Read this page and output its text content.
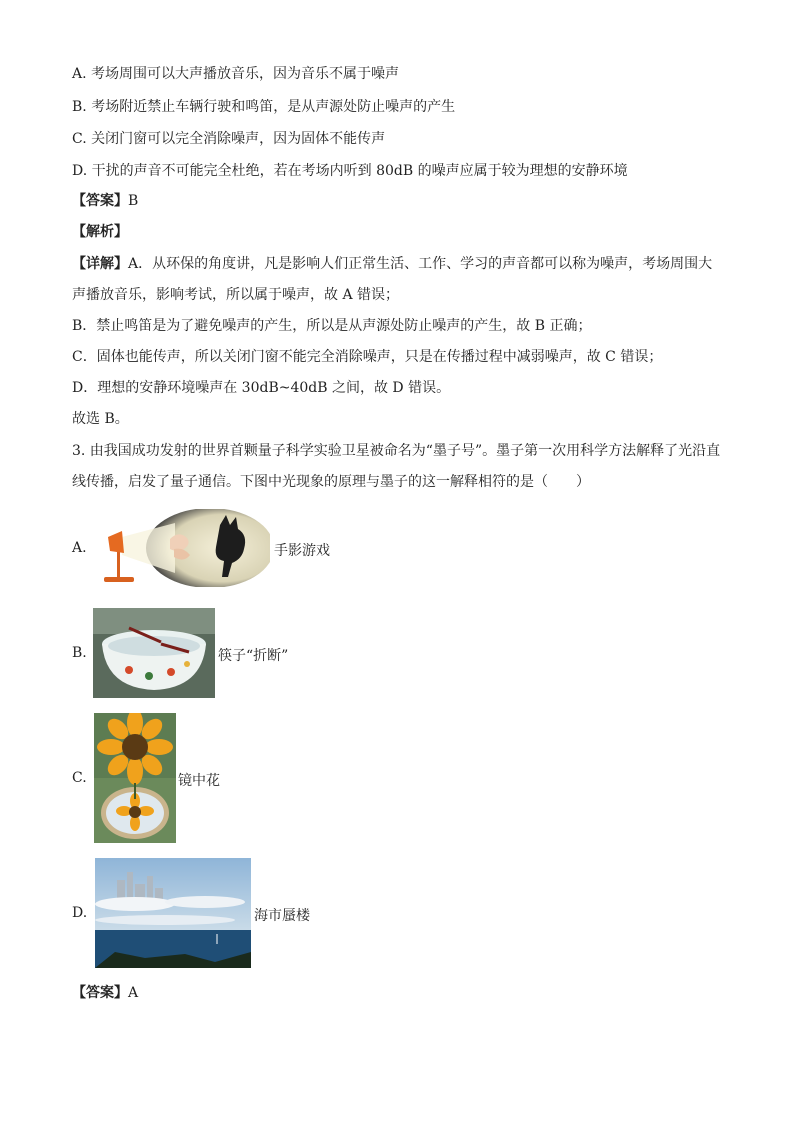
A. 考场周围可以大声播放音乐，因为音乐不属于噪声
B. 考场附近禁止车辆行驶和鸣笛，是从声源处防止噪声的产生
C. 关闭门窗可以完全消除噪声，因为固体不能传声
D. 干扰的声音不可能完全杜绝，若在考场内听到 80dB 的噪声应属于较为理想的安静环境
【答案】B
【解析】
【详解】A．从环保的角度讲，凡是影响人们正常生活、工作、学习的声音都可以称为噪声，考场周围大
声播放音乐，影响考试，所以属于噪声，故 A 错误；
B．禁止鸣笛是为了避免噪声的产生，所以是从声源处防止噪声的产生，故 B 正确；
C．固体也能传声，所以关闭门窗不能完全消除噪声，只是在传播过程中减弱噪声，故 C 错误；
D．理想的安静环境噪声在 30dB~40dB 之间，故 D 错误。
故选 B。
3. 由我国成功发射的世界首颗量子科学实验卫星被命名为“墨子号”。墨子第一次用科学方法解释了光沿直
线传播，启发了量子通信。下图中光现象的原理与墨子的这一解释相符的是（　　）
A.	手影游戏
B.	筷子“折断”
C.	镜中花
D.	海市蜃楼
【答案】A
